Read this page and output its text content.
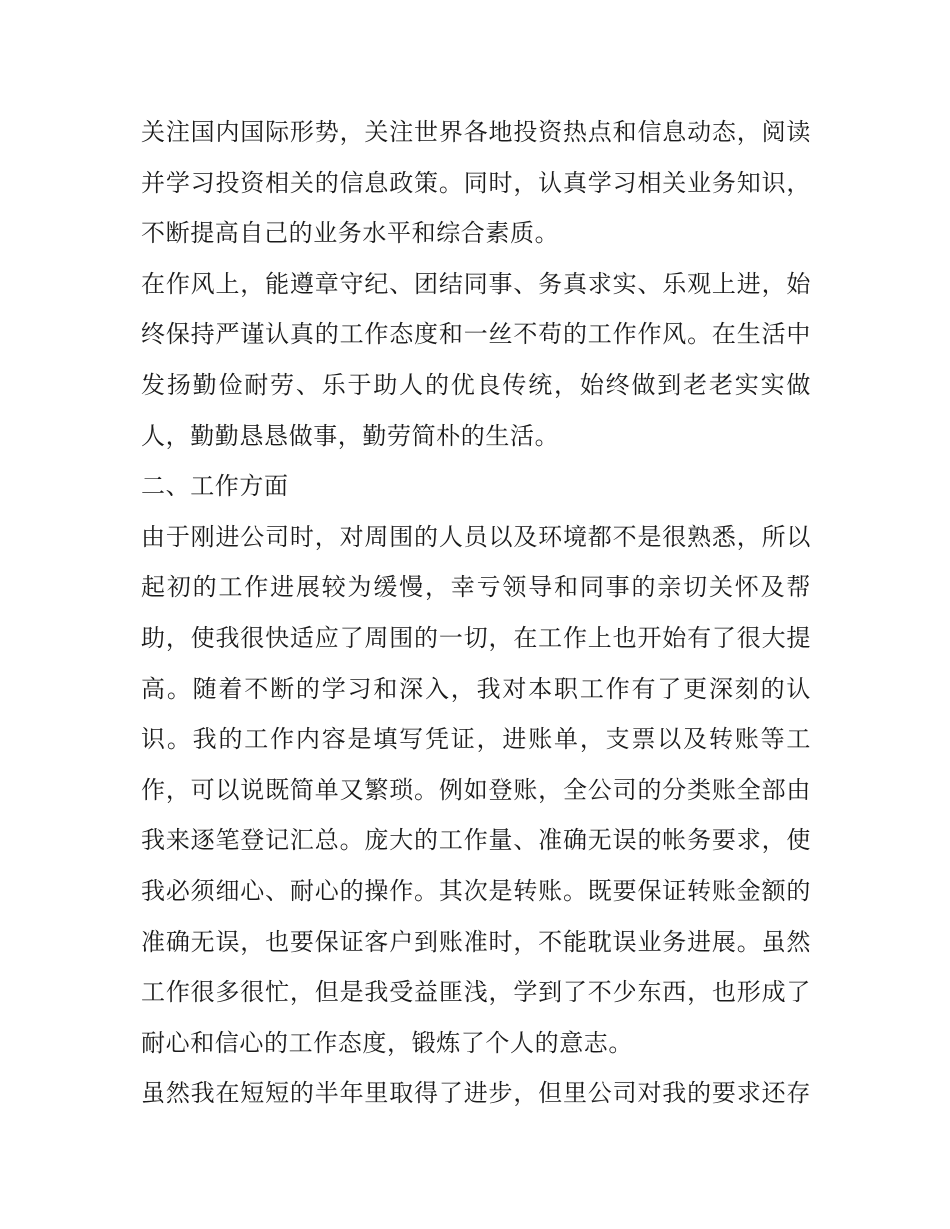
关注国内国际形势，关注世界各地投资热点和信息动态，阅读
并学习投资相关的信息政策。同时，认真学习相关业务知识，
不断提高自己的业务水平和综合素质。
在作风上，能遵章守纪、团结同事、务真求实、乐观上进，始
终保持严谨认真的工作态度和一丝不苟的工作作风。在生活中
发扬勤俭耐劳、乐于助人的优良传统，始终做到老老实实做
人，勤勤恳恳做事，勤劳简朴的生活。
二、工作方面
由于刚进公司时，对周围的人员以及环境都不是很熟悉，所以
起初的工作进展较为缓慢，幸亏领导和同事的亲切关怀及帮
助，使我很快适应了周围的一切，在工作上也开始有了很大提
高。随着不断的学习和深入，我对本职工作有了更深刻的认
识。我的工作内容是填写凭证，进账单，支票以及转账等工
作，可以说既简单又繁琐。例如登账，全公司的分类账全部由
我来逐笔登记汇总。庞大的工作量、准确无误的帐务要求，使
我必须细心、耐心的操作。其次是转账。既要保证转账金额的
准确无误，也要保证客户到账准时，不能耽误业务进展。虽然
工作很多很忙，但是我受益匪浅，学到了不少东西，也形成了
耐心和信心的工作态度，锻炼了个人的意志。
虽然我在短短的半年里取得了进步，但里公司对我的要求还存
